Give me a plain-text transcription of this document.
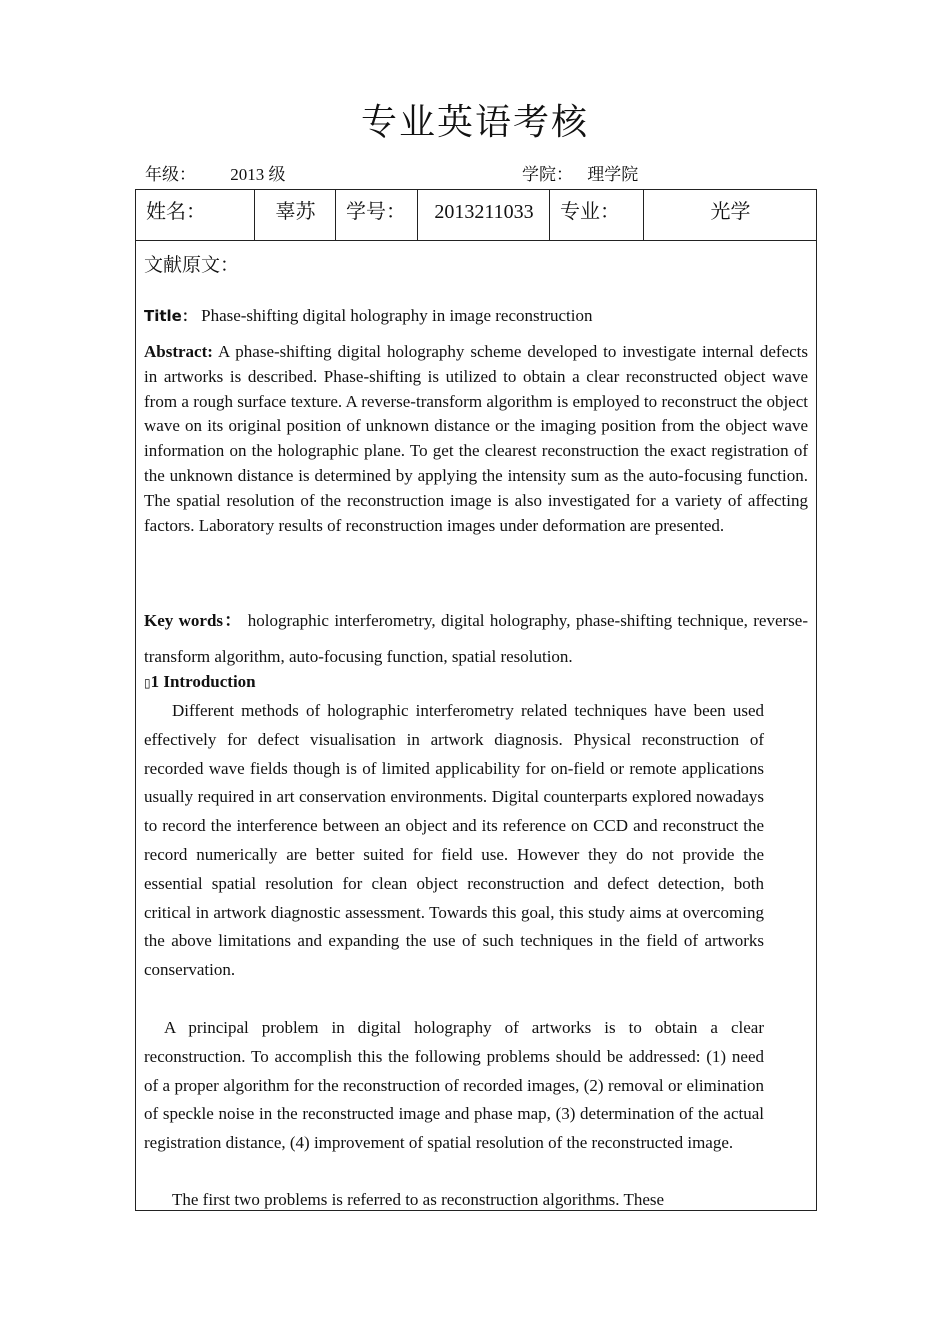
专业英语考核
年级： 2013 级	学院： 理学院
姓名：	辜苏	学号：	2013211033	专业：	光学
文献原文：
Title： Phase-shifting digital holography in image reconstruction
Abstract: A phase-shifting digital holography scheme developed to investigate internal defects in artworks is described. Phase-shifting is utilized to obtain a clear reconstructed object wave from a rough surface texture. A reverse-transform algorithm is employed to reconstruct the object wave on its original position of unknown distance or the imaging position from the object wave information on the holographic plane. To get the clearest reconstruction the exact registration of the unknown distance is determined by applying the intensity sum as the auto-focusing function. The spatial resolution of the reconstruction image is also investigated for a variety of affecting factors. Laboratory results of reconstruction images under deformation are presented.
Key words： holographic interferometry, digital holography, phase-shifting technique, reverse-transform algorithm, auto-focusing function, spatial resolution.
▯1 Introduction
Different methods of holographic interferometry related techniques have been used effectively for defect visualisation in artwork diagnosis. Physical reconstruction of recorded wave fields though is of limited applicability for on-field or remote applications usually required in art conservation environments. Digital counterparts explored nowadays to record the interference between an object and its reference on CCD and reconstruct the record numerically are better suited for field use. However they do not provide the essential spatial resolution for clean object reconstruction and defect detection, both critical in artwork diagnostic assessment. Towards this goal, this study aims at overcoming the above limitations and expanding the use of such techniques in the field of artworks conservation.
A principal problem in digital holography of artworks is to obtain a clear reconstruction. To accomplish this the following problems should be addressed: (1) need of a proper algorithm for the reconstruction of recorded images, (2) removal or elimination of speckle noise in the reconstructed image and phase map, (3) determination of the actual registration distance, (4) improvement of spatial resolution of the reconstructed image.
The first two problems is referred to as reconstruction algorithms. These
